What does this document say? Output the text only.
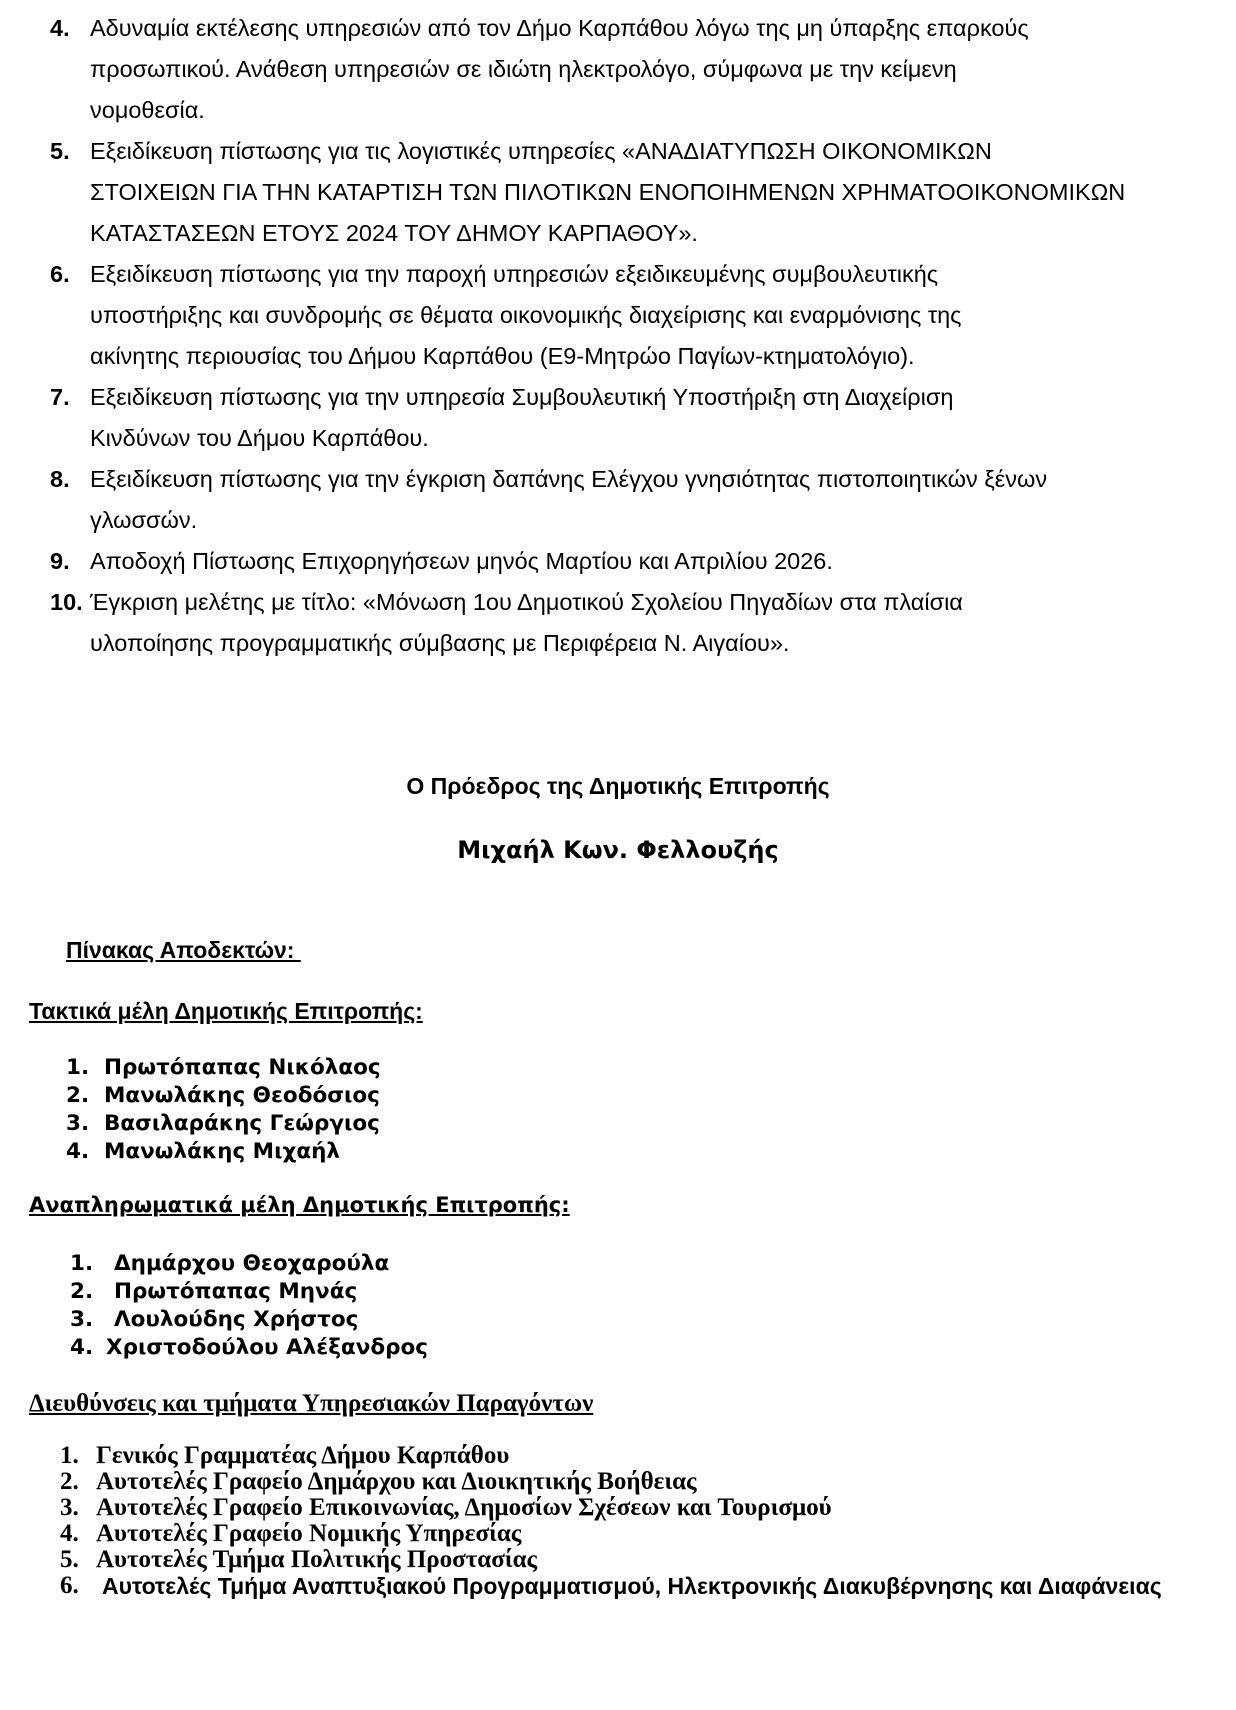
4. Αδυναμία εκτέλεσης υπηρεσιών από τον Δήμο Καρπάθου λόγω της μη ύπαρξης επαρκούς
προσωπικού. Ανάθεση υπηρεσιών σε ιδιώτη ηλεκτρολόγο, σύμφωνα με την κείμενη
νομοθεσία.
5. Εξειδίκευση πίστωσης για τις λογιστικές υπηρεσίες «ΑΝΑΔΙΑΤΥΠΩΣΗ ΟΙΚΟΝΟΜΙΚΩΝ
ΣΤΟΙΧΕΙΩΝ ΓΙΑ ΤΗΝ ΚΑΤΑΡΤΙΣΗ ΤΩΝ ΠΙΛΟΤΙΚΩΝ ΕΝΟΠΟΙΗΜΕΝΩΝ ΧΡΗΜΑΤΟΟΙΚΟΝΟΜΙΚΩΝ
ΚΑΤΑΣΤΑΣΕΩΝ ΕΤΟΥΣ 2024 ΤΟΥ ΔΗΜΟΥ ΚΑΡΠΑΘΟΥ».
6. Εξειδίκευση πίστωσης για την παροχή υπηρεσιών εξειδικευμένης συμβουλευτικής
υποστήριξης και συνδρομής σε θέματα οικονομικής διαχείρισης και εναρμόνισης της
ακίνητης περιουσίας του Δήμου Καρπάθου (Ε9-Μητρώο Παγίων-κτηματολόγιο).
7. Εξειδίκευση πίστωσης για την υπηρεσία Συμβουλευτική Υποστήριξη στη Διαχείριση
Κινδύνων του Δήμου Καρπάθου.
8. Εξειδίκευση πίστωσης για την έγκριση δαπάνης Ελέγχου γνησιότητας πιστοποιητικών ξένων
γλωσσών.
9. Αποδοχή Πίστωσης Επιχορηγήσεων μηνός Μαρτίου και Απριλίου 2026.
10. Έγκριση μελέτης με τίτλο: «Μόνωση 1ου Δημοτικού Σχολείου Πηγαδίων στα πλαίσια
υλοποίησης προγραμματικής σύμβασης με Περιφέρεια Ν. Αιγαίου».
Ο Πρόεδρος της Δημοτικής Επιτροπής
Μιχαήλ Κων. Φελλουζής
Πίνακας Αποδεκτών:
Τακτικά μέλη Δημοτικής Επιτροπής:
1. Πρωτόπαπας Νικόλαος
2. Μανωλάκης Θεοδόσιος
3. Βασιλαράκης Γεώργιος
4. Μανωλάκης Μιχαήλ
Αναπληρωματικά μέλη Δημοτικής Επιτροπής:
1. Δημάρχου Θεοχαρούλα
2. Πρωτόπαπας Μηνάς
3. Λουλούδης Χρήστος
4. Χριστοδούλου Αλέξανδρος
Διευθύνσεις και τμήματα Υπηρεσιακών Παραγόντων
1. Γενικός Γραμματέας Δήμου Καρπάθου
2. Αυτοτελές Γραφείο Δημάρχου και Διοικητικής Βοήθειας
3. Αυτοτελές Γραφείο Επικοινωνίας, Δημοσίων Σχέσεων και Τουρισμού
4. Αυτοτελές Γραφείο Νομικής Υπηρεσίας
5. Αυτοτελές Τμήμα Πολιτικής Προστασίας
6. Αυτοτελές Τμήμα Αναπτυξιακού Προγραμματισμού, Ηλεκτρονικής Διακυβέρνησης και Διαφάνειας
